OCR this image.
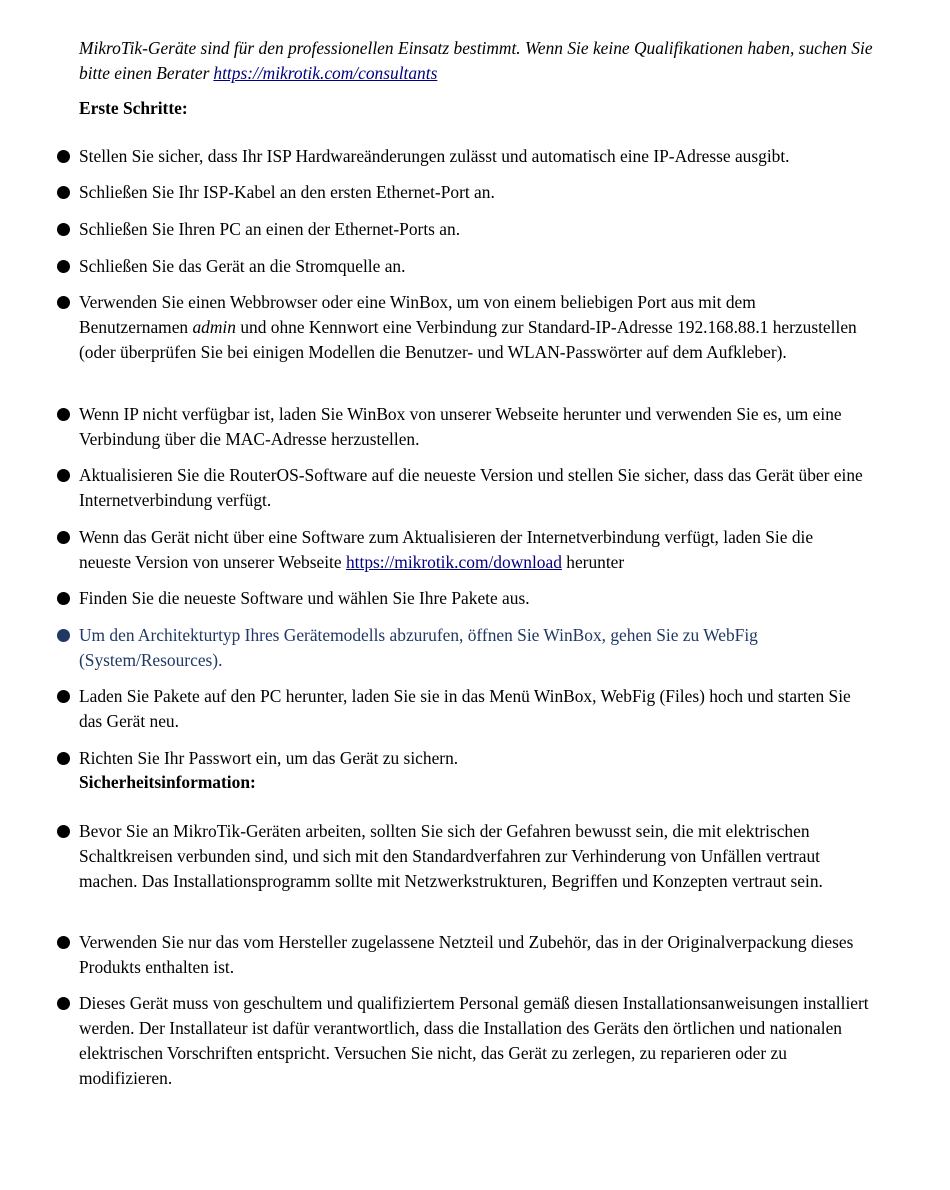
MikroTik-Geräte sind für den professionellen Einsatz bestimmt. Wenn Sie keine Qualifikationen haben, suchen Sie bitte einen Berater https://mikrotik.com/consultants

Erste Schritte:
Stellen Sie sicher, dass Ihr ISP Hardwareänderungen zulässt und automatisch eine IP-Adresse ausgibt.
Schließen Sie Ihr ISP-Kabel an den ersten Ethernet-Port an.
Schließen Sie Ihren PC an einen der Ethernet-Ports an.
Schließen Sie das Gerät an die Stromquelle an.
Verwenden Sie einen Webbrowser oder eine WinBox, um von einem beliebigen Port aus mit dem Benutzernamen admin und ohne Kennwort eine Verbindung zur Standard-IP-Adresse 192.168.88.1 herzustellen (oder überprüfen Sie bei einigen Modellen die Benutzer- und WLAN-Passwörter auf dem Aufkleber).
Wenn IP nicht verfügbar ist, laden Sie WinBox von unserer Webseite herunter und verwenden Sie es, um eine Verbindung über die MAC-Adresse herzustellen.
Aktualisieren Sie die RouterOS-Software auf die neueste Version und stellen Sie sicher, dass das Gerät über eine Internetverbindung verfügt.
Wenn das Gerät nicht über eine Software zum Aktualisieren der Internetverbindung verfügt, laden Sie die neueste Version von unserer Webseite https://mikrotik.com/download herunter
Finden Sie die neueste Software und wählen Sie Ihre Pakete aus.
Um den Architekturtyp Ihres Gerätemodells abzurufen, öffnen Sie WinBox, gehen Sie zu WebFig (System/Resources).
Laden Sie Pakete auf den PC herunter, laden Sie sie in das Menü WinBox, WebFig (Files) hoch und starten Sie das Gerät neu.
Richten Sie Ihr Passwort ein, um das Gerät zu sichern.
Sicherheitsinformation:
Bevor Sie an MikroTik-Geräten arbeiten, sollten Sie sich der Gefahren bewusst sein, die mit elektrischen Schaltkreisen verbunden sind, und sich mit den Standardverfahren zur Verhinderung von Unfällen vertraut machen. Das Installationsprogramm sollte mit Netzwerkstrukturen, Begriffen und Konzepten vertraut sein.
Verwenden Sie nur das vom Hersteller zugelassene Netzteil und Zubehör, das in der Originalverpackung dieses Produkts enthalten ist.
Dieses Gerät muss von geschultem und qualifiziertem Personal gemäß diesen Installationsanweisungen installiert werden. Der Installateur ist dafür verantwortlich, dass die Installation des Geräts den örtlichen und nationalen elektrischen Vorschriften entspricht. Versuchen Sie nicht, das Gerät zu zerlegen, zu reparieren oder zu modifizieren.
